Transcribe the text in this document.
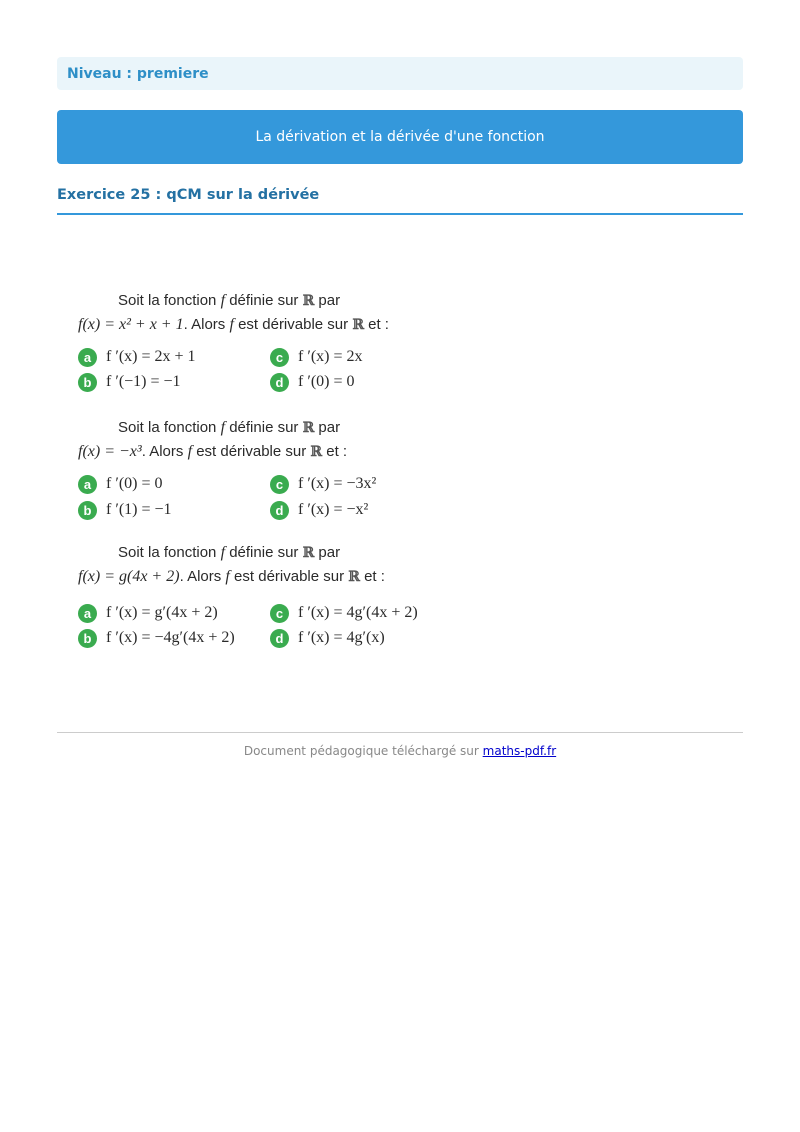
Niveau : premiere
La dérivation et la dérivée d'une fonction
Exercice 25 : qCM sur la dérivée
Soit la fonction f définie sur ℝ par
f(x) = x² + x + 1. Alors f est dérivable sur ℝ et :
a f ′(x) = 2x + 1
b f ′(−1) = −1
c f ′(x) = 2x
d f ′(0) = 0
Soit la fonction f définie sur ℝ par
f(x) = −x³. Alors f est dérivable sur ℝ et :
a f ′(0) = 0
b f ′(1) = −1
c f ′(x) = −3x²
d f ′(x) = −x²
Soit la fonction f définie sur ℝ par
f(x) = g(4x + 2). Alors f est dérivable sur ℝ et :
a f ′(x) = g′(4x + 2)
b f ′(x) = −4g′(4x + 2)
c f ′(x) = 4g′(4x + 2)
d f ′(x) = 4g′(x)
Document pédagogique téléchargé sur maths-pdf.fr
